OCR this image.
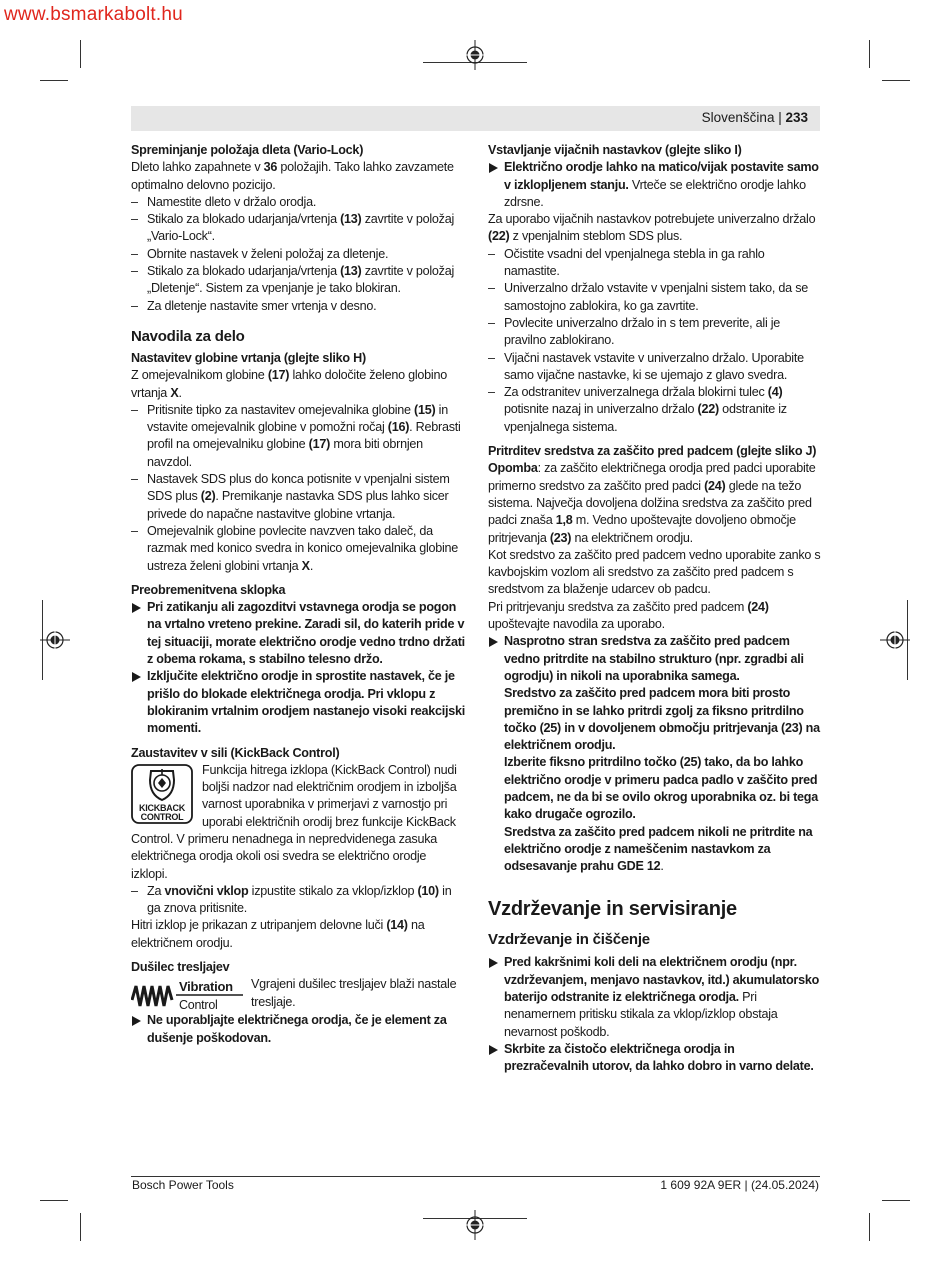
www.bsmarkabolt.hu
Slovenščina | 233

Spreminjanje položaja dleta (Vario-Lock)

Dleto lahko zapahnete v 36 položajih. Tako lahko zavzamete optimalno delovno pozicijo.

– Namestite dleto v držalo orodja.
– Stikalo za blokado udarjanja/vrtenja (13) zavrtite v položaj „Vario-Lock“.
– Obrnite nastavek v želeni položaj za dletenje.
– Stikalo za blokado udarjanja/vrtenja (13) zavrtite v položaj „Dletenje“. Sistem za vpenjanje je tako blokiran.
– Za dletenje nastavite smer vrtenja v desno.

Navodila za delo

Nastavitev globine vrtanja (glejte sliko H)

Z omejevalnikom globine (17) lahko določite želeno globino vrtanja X.

– Pritisnite tipko za nastavitev omejevalnika globine (15) in vstavite omejevalnik globine v pomožni ročaj (16). Rebrasti profil na omejevalniku globine (17) mora biti obrnjen navzdol.
– Nastavek SDS plus do konca potisnite v vpenjalni sistem SDS plus (2). Premikanje nastavka SDS plus lahko sicer privede do napačne nastavitve globine vrtanja.
– Omejevalnik globine povlecite navzven tako daleč, da razmak med konico svedra in konico omejevalnika globine ustreza želeni globini vrtanja X.

Preobremenitvena sklopka

Pri zatikanju ali zagozditvi vstavnega orodja se pogon na vrtalno vreteno prekine. Zaradi sil, do katerih pride v tej situaciji, morate električno orodje vedno trdno držati z obema rokama, s stabilno telesno držo.
Izključite električno orodje in sprostite nastavek, če je prišlo do blokade električnega orodja. Pri vklopu z blokiranim vrtalnim orodjem nastanejo visoki reakcijski momenti.

Zaustavitev v sili (KickBack Control)

KICKBACK
CONTROL

Funkcija hitrega izklopa (KickBack Control) nudi boljši nadzor nad električnim orodjem in izboljša varnost uporabnika v primerjavi z varnostjo pri uporabi električnih orodij brez funkcije KickBack Control. V primeru nenadnega in nepredvidenega zasuka električnega orodja okoli osi svedra se električno orodje izklopi.

– Za vnovični vklop izpustite stikalo za vklop/izklop (10) in ga znova pritisnite.

Hitri izklop je prikazan z utripanjem delovne luči (14) na električnem orodju.

Dušilec tresljajev

Vibration
Control

Vgrajeni dušilec tresljajev blaži nastale tresljaje.

Ne uporabljajte električnega orodja, če je element za dušenje poškodovan.

Vstavljanje vijačnih nastavkov (glejte sliko I)

Električno orodje lahko na matico/vijak postavite samo v izklopljenem stanju. Vrteče se električno orodje lahko zdrsne.

Za uporabo vijačnih nastavkov potrebujete univerzalno držalo (22) z vpenjalnim steblom SDS plus.

– Očistite vsadni del vpenjalnega stebla in ga rahlo namastite.
– Univerzalno držalo vstavite v vpenjalni sistem tako, da se samostojno zablokira, ko ga zavrtite.
– Povlecite univerzalno držalo in s tem preverite, ali je pravilno zablokirano.
– Vijačni nastavek vstavite v univerzalno držalo. Uporabite samo vijačne nastavke, ki se ujemajo z glavo svedra.
– Za odstranitev univerzalnega držala blokirni tulec (4) potisnite nazaj in univerzalno držalo (22) odstranite iz vpenjalnega sistema.

Pritrditev sredstva za zaščito pred padcem (glejte sliko J)

Opomba: za zaščito električnega orodja pred padci uporabite primerno sredstvo za zaščito pred padci (24) glede na težo sistema. Največja dovoljena dolžina sredstva za zaščito pred padci znaša 1,8 m. Vedno upoštevajte dovoljeno območje pritrjevanja (23) na električnem orodju.

Kot sredstvo za zaščito pred padcem vedno uporabite zanko s kavbojskim vozlom ali sredstvo za zaščito pred padcem s sredstvom za blaženje udarcev ob padcu.

Pri pritrjevanju sredstva za zaščito pred padcem (24) upoštevajte navodila za uporabo.

Nasprotno stran sredstva za zaščito pred padcem vedno pritrdite na stabilno strukturo (npr. zgradbi ali ogrodju) in nikoli na uporabnika samega.

Sredstvo za zaščito pred padcem mora biti prosto premično in se lahko pritrdi zgolj za fiksno pritrdilno točko (25) in v dovoljenem območju pritrjevanja (23) na električnem orodju.

Izberite fiksno pritrdilno točko (25) tako, da bo lahko električno orodje v primeru padca padlo v zaščito pred padcem, ne da bi se ovilo okrog uporabnika oz. bi tega kako drugače ogrozilo.

Sredstva za zaščito pred padcem nikoli ne pritrdite na električno orodje z nameščenim nastavkom za odsesavanje prahu GDE 12.

Vzdrževanje in servisiranje

Vzdrževanje in čiščenje

Pred kakršnimi koli deli na električnem orodju (npr. vzdrževanjem, menjavo nastavkov, itd.) akumulatorsko baterijo odstranite iz električnega orodja. Pri nenamernem pritisku stikala za vklop/izklop obstaja nevarnost poškodb.
Skrbite za čistočo električnega orodja in prezračevalnih utorov, da lahko dobro in varno delate.
Bosch Power Tools	1 609 92A 9ER | (24.05.2024)
